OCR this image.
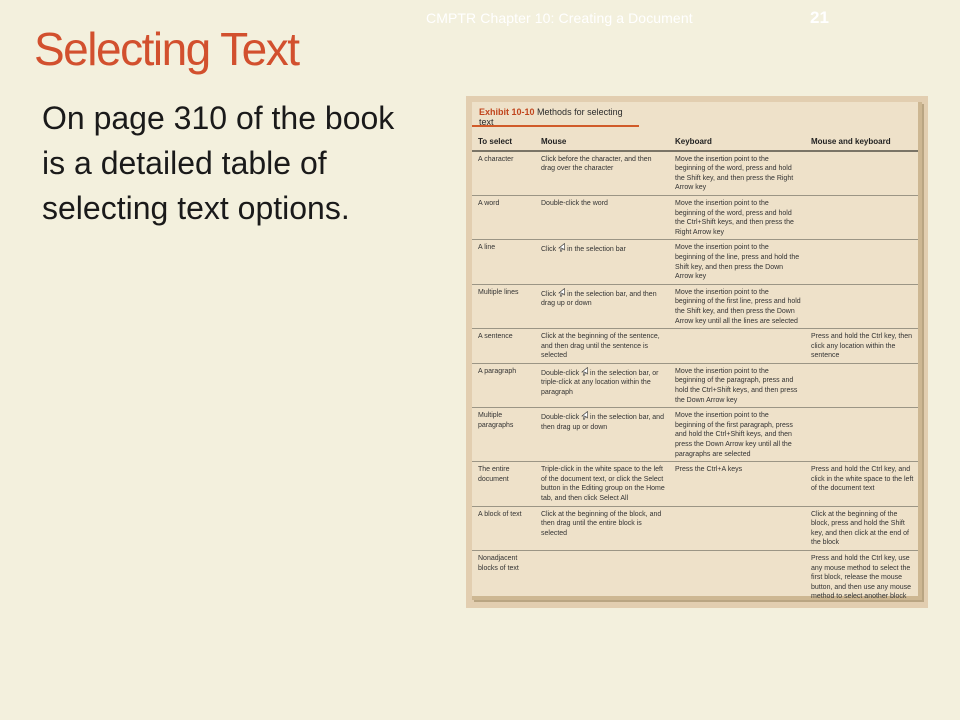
CMPTR Chapter 10: Creating a Document	21
Selecting Text
On page 310 of the book is a detailed table of selecting text options.
Exhibit 10-10 Methods for selecting text
To select	Mouse	Keyboard	Mouse and keyboard
A character	Click before the character, and then drag over the character	Move the insertion point to the beginning of the word, press and hold the Shift key, and then press the Right Arrow key	
A word	Double-click the word	Move the insertion point to the beginning of the word, press and hold the Ctrl+Shift keys, and then press the Right Arrow key	
A line	Click in the selection bar	Move the insertion point to the beginning of the line, press and hold the Shift key, and then press the Down Arrow key	
Multiple lines	Click in the selection bar, and then drag up or down	Move the insertion point to the beginning of the first line, press and hold the Shift key, and then press the Down Arrow key until all the lines are selected	
A sentence	Click at the beginning of the sentence, and then drag until the sentence is selected		Press and hold the Ctrl key, then click any location within the sentence
A paragraph	Double-click in the selection bar, or triple-click at any location within the paragraph	Move the insertion point to the beginning of the paragraph, press and hold the Ctrl+Shift keys, and then press the Down Arrow key	
Multiple paragraphs	Double-click in the selection bar, and then drag up or down	Move the insertion point to the beginning of the first paragraph, press and hold the Ctrl+Shift keys, and then press the Down Arrow key until all the paragraphs are selected	
The entire document	Triple-click in the white space to the left of the document text, or click the Select button in the Editing group on the Home tab, and then click Select All	Press the Ctrl+A keys	Press and hold the Ctrl key, and click in the white space to the left of the document text
A block of text	Click at the beginning of the block, and then drag until the entire block is selected		Click at the beginning of the block, press and hold the Shift key, and then click at the end of the block
Nonadjacent blocks of text			Press and hold the Ctrl key, use any mouse method to select the first block, release the mouse button, and then use any mouse method to select another block
